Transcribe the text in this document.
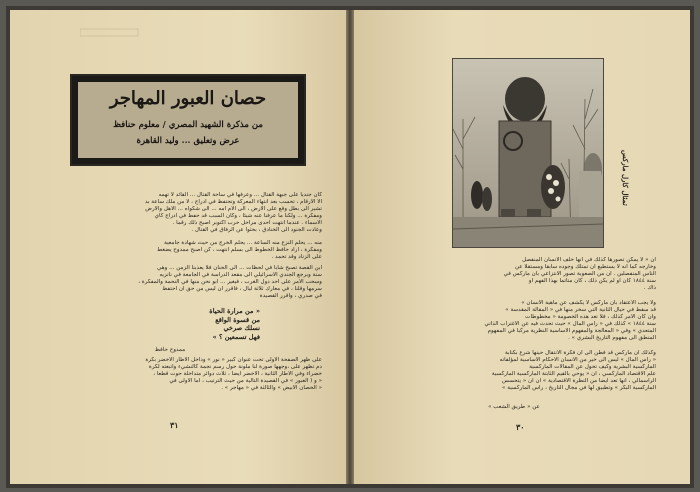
حصان العبور المهاجر
من مذكرة الشهيد المصري / معلوم حنافظ
عرض وتعليق ... وليد القاهرة
كان جنديا على جبهة القتال ... وعرفها في ساحة القتال ... القائد لا تهمه
الا الارقام ، تحسب بعد انتهاء المعركة وتحتفظ في ادراج ، لا من ملك ساعة بد
تشير الى بطل وقع على الارض ، الى آلام امه ... الى شكواه ... الاهل والارض
ومفكرة ... ولكنا ما عرفنا عنه شيئا ، وكان السبب قد حفظ في ادراج كأي
الاسماء . عندما انتهت احدى مراحل حرب اكتوبر اصبح ذلك رقما .
وعادت الجنود الى الخنادق ، بحثوا عن الرفاق في القتال .
منه ... يحلم النزع منه الساعة ... يحلم الخرج من حيث شهادة جامعية
ومفكرة ، اراد حافظ الخطوط الى بسلم انتهت ، كن اصبح ممدوح يضغط
على الزناد وقد تحمد .
ابن القصة تصبح شابا في لحظات ... الى الحنان فلا يعذبنا الزمن ... وهي
سنة وبرجع الجندي الاسرائيلي الى مقعد الدراسة في الجامعة في ناتزيه
وسحب الامر على احد دول الغرب ، فيغير ... ابو نحن منها في النحمة والمفكرة ،
سرمها وقلنا ، في معارك ثلاثة ليال ، فاقرر ان ليس من حق ان احتفظ
في صدري ، وأقرر القصيدة
« من مرارة الحياة
من قسوة الواقع
نسلك صرخي
فهل تسمعين ؟ »
ممدوح حافظ
على ظهر الصفحة الاولى تحت عنوان كبير « نور » وداخل الاطار الاخضر بكرة
دم تظهر على ،وجهها صورة لنا ملونة حول رسم نجمة كالنشيء واتبعته لكرة
خضراء وفي الاطار الثانية ، الاخضر ايضا ، ثلاث دوائر متداخلة حوت قطعا ،
« و ( العبور » في القصيدة التالية من حيث الترتيب ، اما الاولى في
« الحصان الابيض » والثالثة في « مهاجر » .
٣١
تمثال كارل ماركس
ان « لا يمكن تصورها كذلك في انها خلف الانسان المنفصل
وخارجه كما انه لا يستطيع ان تمتلك وجوده سابقا ومستقلا عن
الناس المنفصلين . ان من الصعوبة تصور الانتزاعي بان ماركس في
سنة ١٨٤٤ كان او لم يكن ذلك ، كان متاتما بهذا الفهم او
ذاك .
ولا يجب الاعتقاد بان ماركس لا يكشف عن ماهية الانسان »
قد سقط في حيال الثانية التي سخر منها في « المقالة المقدسة »
وان كان الامر كذلك ، فلا تعد هذه الخصومة « مخطوطات
سنة ١٨٤٤ » كذلك في « رأس المال » حيث تحدث فيه عن الاغتراب الذاتي
المتعدي » وفي « المعالجة والمفهوم الاساسية النظرية مركبا في المفهوم
المنطق الى مفهوم التاريخ البشري » .
وكذلك ان ماركس قد فطن الى ان فكرة الانتقال حينها شرع بكتابة
« رأس المال » ليس الى خير من الانسان الاحكام الاساسية لمؤلفاته
الماركسية البشرية وكيف تحول عن المقالات الماركسية
علم الاقتصاد الماركسي ، ان « يوحي بالقيم الثابتة الماركسية الماركسية
الرأسمالي ، انها تعد ايضا من النظرة الاقتصادية » ان ان « يتحسس
الماركسية البكر » وتطبيق لها في مجال التاريخ ، رأس الماركسية »
عن « طريق الشعب »
٣٠
